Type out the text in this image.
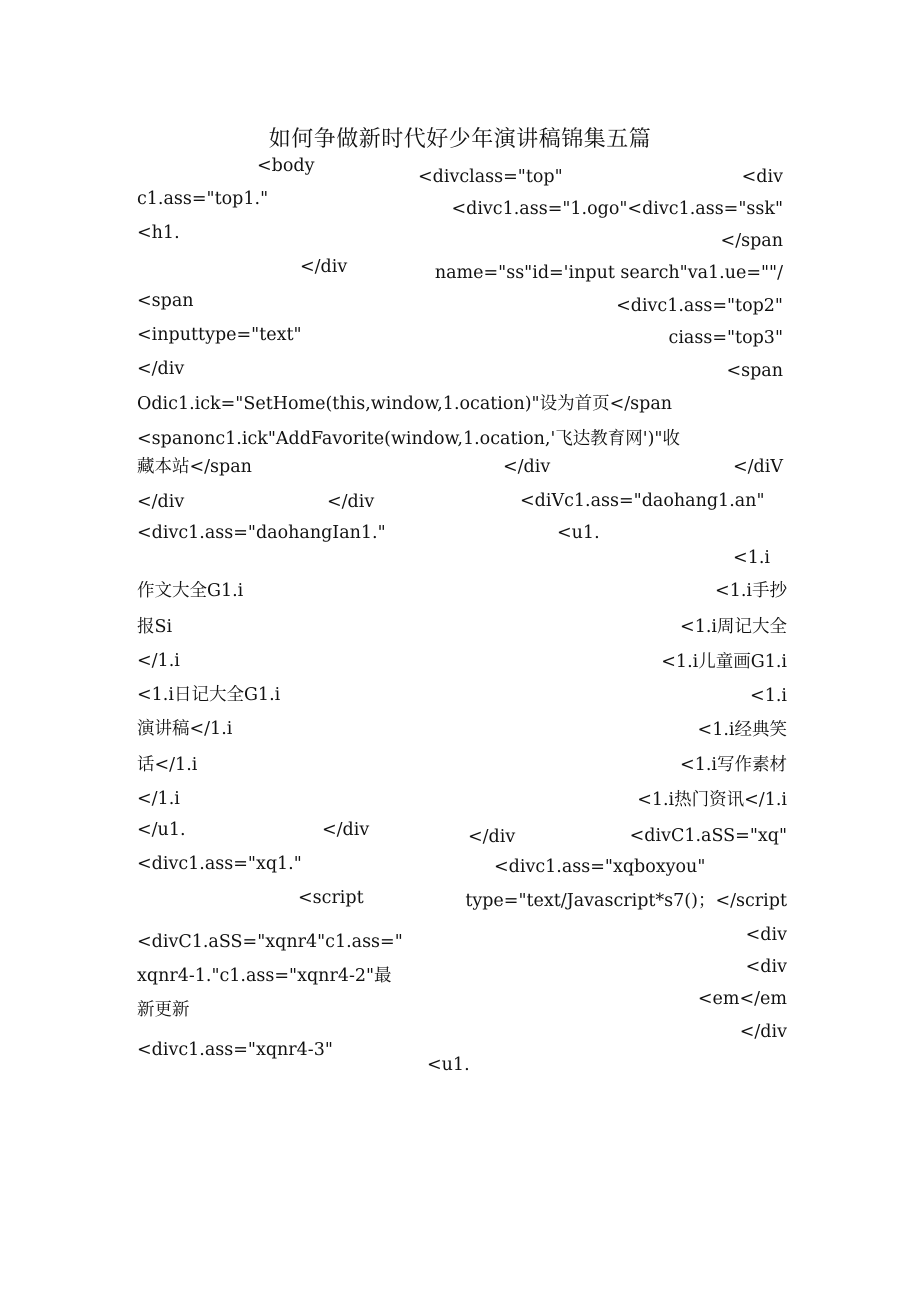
如何争做新时代好少年演讲稿锦集五篇
<body
<divclass="top"	<div
c1.ass="top1."	<divc1.ass="1.ogo"<divc1.ass="ssk"
<h1.	</span
</div	name="ss"id='input search"va1.ue=""/
<span	<divc1.ass="top2"
<inputtype="text"	ciass="top3"
</div	<span
Odic1.ick="SetHome(this,window,1.ocation)"设为首页</span
<spanonc1.ick"AddFavorite(window,1.ocation,'飞达教育网')"收
藏本站</span	</div	</diV
</div	</div	<diVc1.ass="daohang1.an"
<divc1.ass="daohangIan1."	<u1.
<1.i
作文大全G1.i	<1.i手抄
报Si	<1.i周记大全
</1.i	<1.i儿童画G1.i
<1.i日记大全G1.i	<1.i
演讲稿</1.i	<1.i经典笑
话</1.i	<1.i写作素材
</1.i	<1.i热门资讯</1.i
</u1.	</div	</div	<divC1.aSS="xq"
<divc1.ass="xq1."	<divc1.ass="xqboxyou"
<script	type="text/Javascript*s7()；</script
<divC1.aSS="xqnr4"c1.ass="	<div
<div
xqnr4-1."c1.ass="xqnr4-2"最
<em</em
新更新
</div
<divc1.ass="xqnr4-3"
<u1.
